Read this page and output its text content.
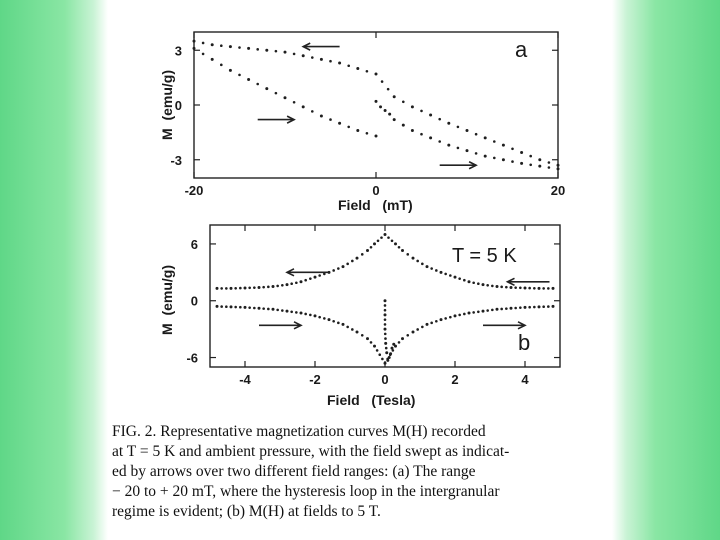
-20	0	20
3
0
-3
a
Field   (mT)
M  (emu/g)
-4	-2	0	2	4
6
0
-6
T = 5 K
b
Field   (Tesla)
M  (emu/g)
FIG. 2. Representative magnetization curves M(H) recorded
at T = 5 K and ambient pressure, with the field swept as indicat-
ed by arrows over two different field ranges: (a) The range
− 20 to + 20 mT, where the hysteresis loop in the intergranular
regime is evident; (b) M(H) at fields to 5 T.
